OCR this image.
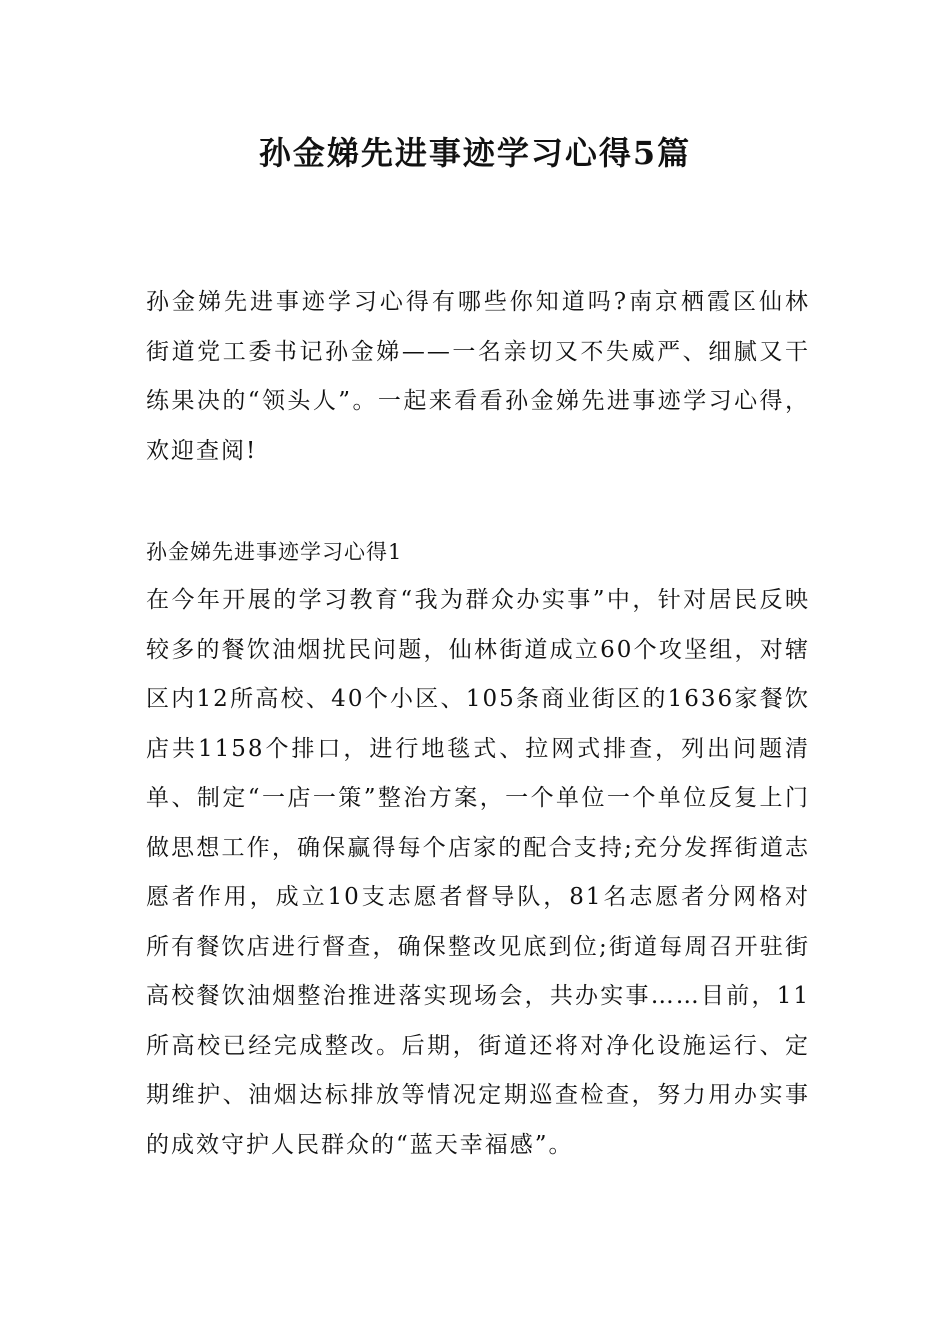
孙金娣先进事迹学习心得5篇

孙金娣先进事迹学习心得有哪些你知道吗?南京栖霞区仙林街道党工委书记孙金娣——一名亲切又不失威严、细腻又干练果决的“领头人”。一起来看看孙金娣先进事迹学习心得，欢迎查阅!

孙金娣先进事迹学习心得1

在今年开展的学习教育“我为群众办实事”中，针对居民反映较多的餐饮油烟扰民问题，仙林街道成立60个攻坚组，对辖区内12所高校、40个小区、105条商业街区的1636家餐饮店共1158个排口，进行地毯式、拉网式排查，列出问题清单、制定“一店一策”整治方案，一个单位一个单位反复上门做思想工作，确保赢得每个店家的配合支持;充分发挥街道志愿者作用，成立10支志愿者督导队，81名志愿者分网格对所有餐饮店进行督查，确保整改见底到位;街道每周召开驻街高校餐饮油烟整治推进落实现场会，共办实事……目前，11所高校已经完成整改。后期，街道还将对净化设施运行、定期维护、油烟达标排放等情况定期巡查检查，努力用办实事的成效守护人民群众的“蓝天幸福感”。
